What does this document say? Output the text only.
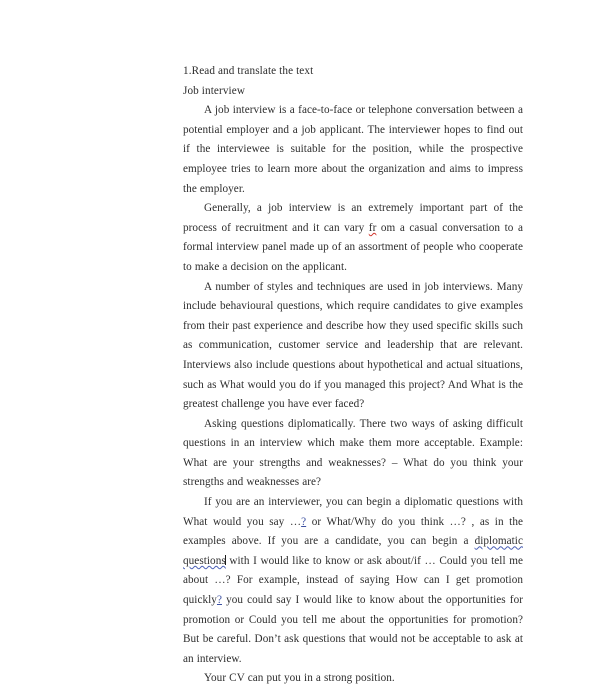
1.Read and translate the text
Job interview

A job interview is a face-to-face or telephone conversation between a potential employer and a job applicant. The interviewer hopes to find out if the interviewee is suitable for the position, while the prospective employee tries to learn more about the organization and aims to impress the employer.

Generally, a job interview is an extremely important part of the process of recruitment and it can vary fr om a casual conversation to a formal interview panel made up of an assortment of people who cooperate to make a decision on the applicant.

A number of styles and techniques are used in job interviews. Many include behavioural questions, which require candidates to give examples from their past experience and describe how they used specific skills such as communication, customer service and leadership that are relevant. Interviews also include questions about hypothetical and actual situations, such as What would you do if you managed this project? And What is the greatest challenge you have ever faced?

Asking questions diplomatically. There two ways of asking difficult questions in an interview which make them more acceptable. Example: What are your strengths and weaknesses? – What do you think your strengths and weaknesses are?

If you are an interviewer, you can begin a diplomatic questions with What would you say …? or What/Why do you think …? , as in the examples above. If you are a candidate, you can begin a diplomatic questions with I would like to know or ask about/if … Could you tell me about …? For example, instead of saying How can I get promotion quickly? you could say I would like to know about the opportunities for promotion or Could you tell me about the opportunities for promotion? But be careful. Don’t ask questions that would not be acceptable to ask at an interview.

Your CV can put you in a strong position.
